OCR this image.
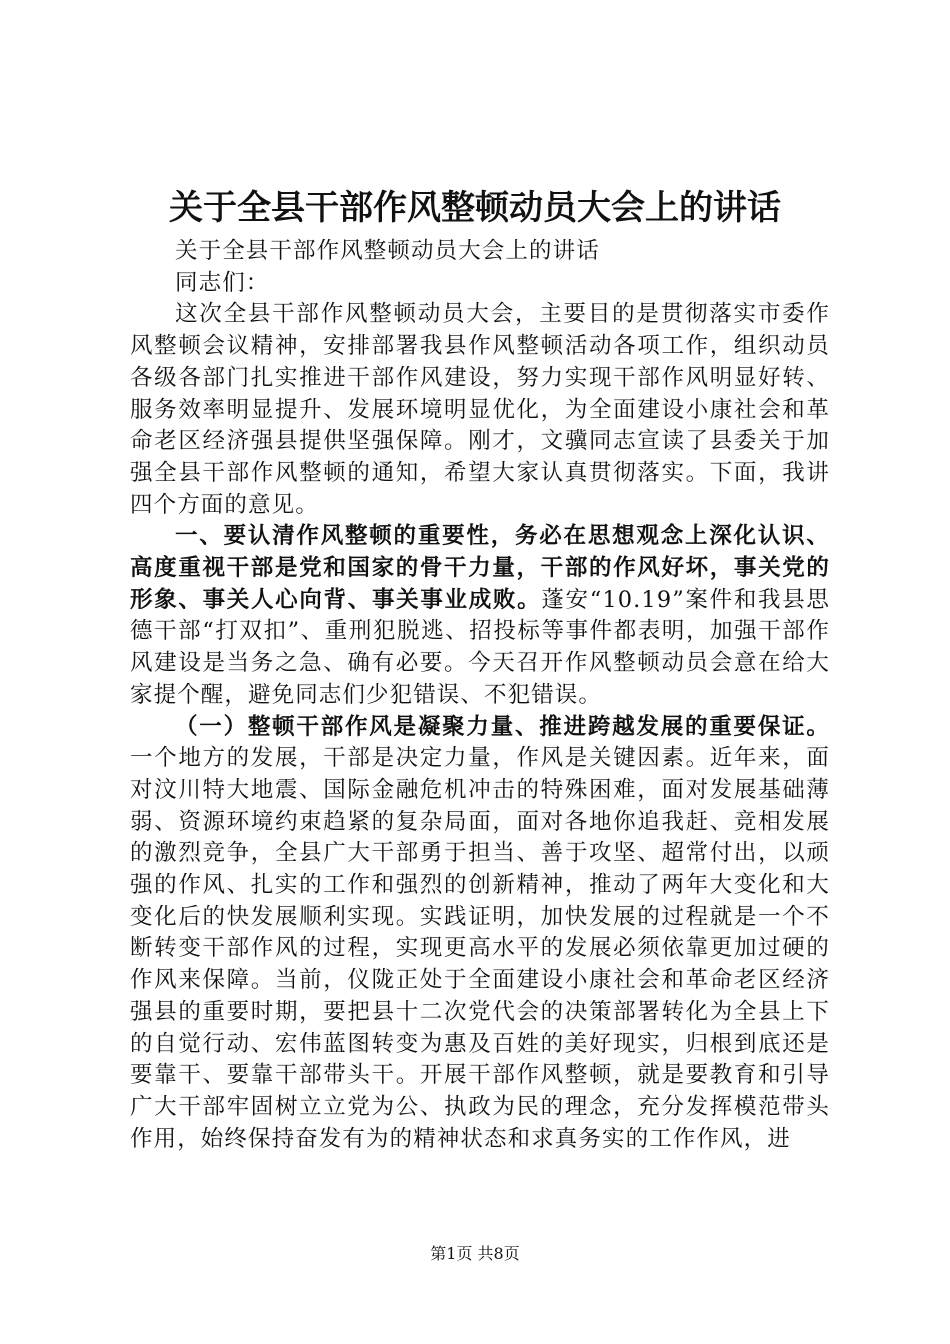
关于全县干部作风整顿动员大会上的讲话

关于全县干部作风整顿动员大会上的讲话

同志们：

这次全县干部作风整顿动员大会，主要目的是贯彻落实市委作风整顿会议精神，安排部署我县作风整顿活动各项工作，组织动员各级各部门扎实推进干部作风建设，努力实现干部作风明显好转、服务效率明显提升、发展环境明显优化，为全面建设小康社会和革命老区经济强县提供坚强保障。刚才，文骥同志宣读了县委关于加强全县干部作风整顿的通知，希望大家认真贯彻落实。下面，我讲四个方面的意见。

一、要认清作风整顿的重要性，务必在思想观念上深化认识、高度重视干部是党和国家的骨干力量，干部的作风好坏，事关党的形象、事关人心向背、事关事业成败。蓬安“10.19”案件和我县思德干部“打双扣”、重刑犯脱逃、招投标等事件都表明，加强干部作风建设是当务之急、确有必要。今天召开作风整顿动员会意在给大家提个醒，避免同志们少犯错误、不犯错误。

（一）整顿干部作风是凝聚力量、推进跨越发展的重要保证。一个地方的发展，干部是决定力量，作风是关键因素。近年来，面对汶川特大地震、国际金融危机冲击的特殊困难，面对发展基础薄弱、资源环境约束趋紧的复杂局面，面对各地你追我赶、竞相发展的激烈竞争，全县广大干部勇于担当、善于攻坚、超常付出，以顽强的作风、扎实的工作和强烈的创新精神，推动了两年大变化和大变化后的快发展顺利实现。实践证明，加快发展的过程就是一个不断转变干部作风的过程，实现更高水平的发展必须依靠更加过硬的作风来保障。当前，仪陇正处于全面建设小康社会和革命老区经济强县的重要时期，要把县十二次党代会的决策部署转化为全县上下的自觉行动、宏伟蓝图转变为惠及百姓的美好现实，归根到底还是要靠干、要靠干部带头干。开展干部作风整顿，就是要教育和引导广大干部牢固树立立党为公、执政为民的理念，充分发挥模范带头作用，始终保持奋发有为的精神状态和求真务实的工作作风，进

第1页 共8页
